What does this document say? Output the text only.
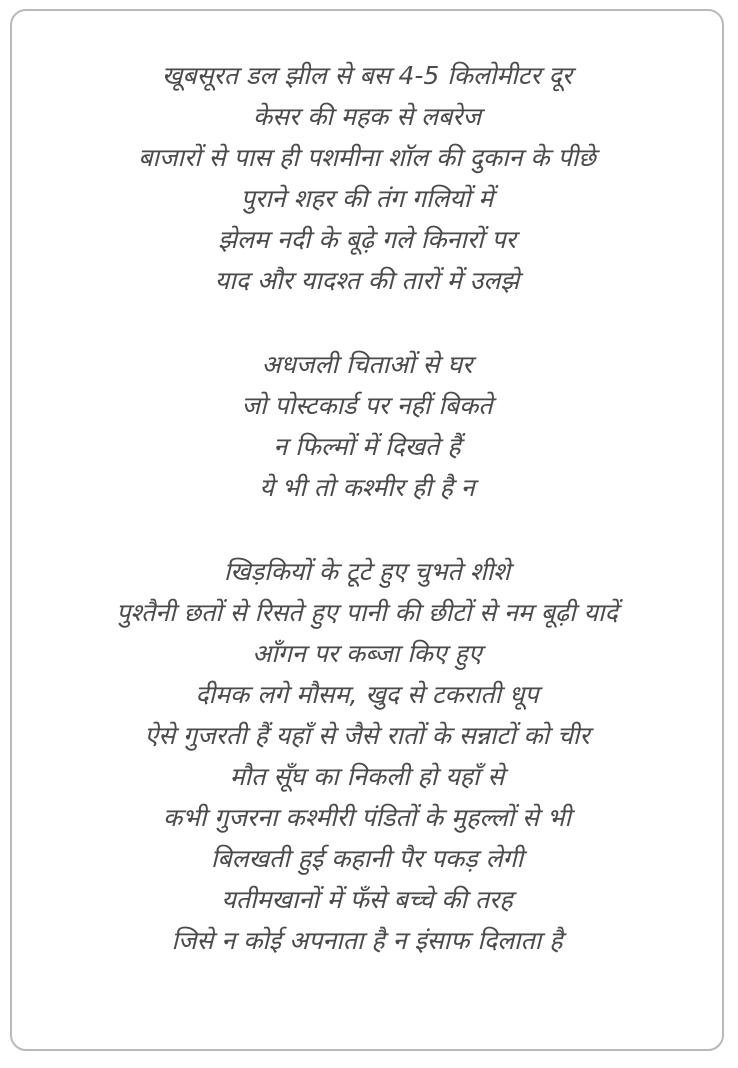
खूबसूरत डल झील से बस 4-5 किलोमीटर दूर
केसर की महक से लबरेज
बाजारों से पास ही पशमीना शॉल की दुकान के पीछे
पुराने शहर की तंग गलियों में
झेलम नदी के बूढ़े गले किनारों पर
याद और यादश्त की तारों में उलझे
अधजली चिताओं से घर
जो पोस्टकार्ड पर नहीं बिकते
न फिल्मों में दिखते हैं
ये भी तो कश्मीर ही है न
खिड़कियों के टूटे हुए चुभते शीशे
पुश्तैनी छतों से रिसते हुए पानी की छीटों से नम बूढ़ी यादें
आँगन पर कब्जा किए हुए
दीमक लगे मौसम, खुद से टकराती धूप
ऐसे गुजरती हैं यहाँ से जैसे रातों के सन्नाटों को चीर
मौत सूँघ का निकली हो यहाँ से
कभी गुजरना कश्मीरी पंडितों के मुहल्लों से भी
बिलखती हुई कहानी पैर पकड़ लेगी
यतीमखानों में फँसे बच्चे की तरह
जिसे न कोई अपनाता है न इंसाफ दिलाता है
